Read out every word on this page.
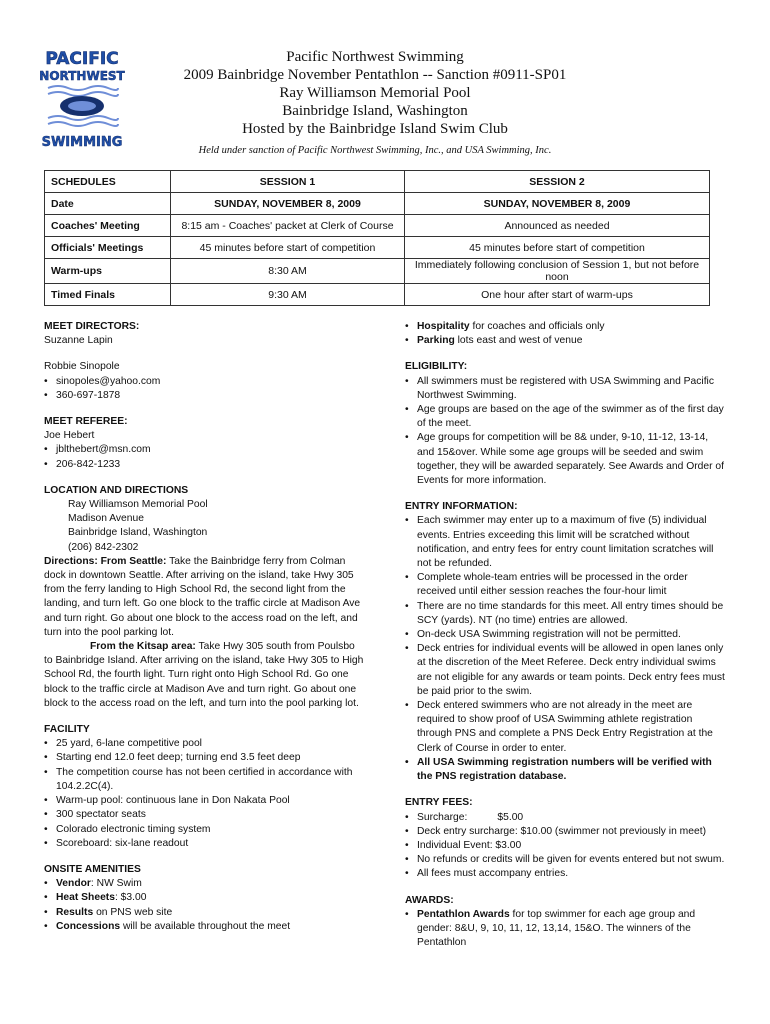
PACIFIC
NORTHWEST
SWIMMING
Pacific Northwest Swimming
2009 Bainbridge November Pentathlon -- Sanction #0911-SP01
Ray Williamson Memorial Pool
Bainbridge Island, Washington
Hosted by the Bainbridge Island Swim Club
Held under sanction of Pacific Northwest Swimming, Inc., and USA Swimming, Inc.
SCHEDULES	SESSION 1	SESSION 2
Date	SUNDAY, NOVEMBER 8, 2009	SUNDAY, NOVEMBER 8, 2009
Coaches' Meeting	8:15 am - Coaches' packet at Clerk of Course	Announced as needed
Officials' Meetings	45 minutes before start of competition	45 minutes before start of competition
Warm-ups	8:30 AM	Immediately following conclusion of Session 1, but not before noon
Timed Finals	9:30 AM	One hour after start of warm-ups
MEET DIRECTORS:
Suzanne Lapin
Robbie Sinopole
• sinopoles@yahoo.com
• 360-697-1878
MEET REFEREE:
Joe Hebert
• jblthebert@msn.com
• 206-842-1233
LOCATION AND DIRECTIONS
Ray Williamson Memorial Pool
Madison Avenue
Bainbridge Island, Washington
(206) 842-2302
Directions: From Seattle: Take the Bainbridge ferry from Colman dock in downtown Seattle. After arriving on the island, take Hwy 305 from the ferry landing to High School Rd, the second light from the landing, and turn left. Go one block to the traffic circle at Madison Ave and turn right. Go about one block to the access road on the left, and turn into the pool parking lot.
From the Kitsap area: Take Hwy 305 south from Poulsbo to Bainbridge Island. After arriving on the island, take Hwy 305 to High School Rd, the fourth light. Turn right onto High School Rd. Go one block to the traffic circle at Madison Ave and turn right. Go about one block to the access road on the left, and turn into the pool parking lot.
FACILITY
• 25 yard, 6-lane competitive pool
• Starting end 12.0 feet deep; turning end 3.5 feet deep
• The competition course has not been certified in accordance with 104.2.2C(4).
• Warm-up pool: continuous lane in Don Nakata Pool
• 300 spectator seats
• Colorado electronic timing system
• Scoreboard: six-lane readout
ONSITE AMENITIES
• Vendor: NW Swim
• Heat Sheets: $3.00
• Results on PNS web site
• Concessions will be available throughout the meet
• Hospitality for coaches and officials only
• Parking lots east and west of venue
ELIGIBILITY:
• All swimmers must be registered with USA Swimming and Pacific Northwest Swimming.
• Age groups are based on the age of the swimmer as of the first day of the meet.
• Age groups for competition will be 8& under, 9-10, 11-12, 13-14, and 15&over. While some age groups will be seeded and swim together, they will be awarded separately. See Awards and Order of Events for more information.
ENTRY INFORMATION:
• Each swimmer may enter up to a maximum of five (5) individual events. Entries exceeding this limit will be scratched without notification, and entry fees for entry count limitation scratches will not be refunded.
• Complete whole-team entries will be processed in the order received until either session reaches the four-hour limit
• There are no time standards for this meet. All entry times should be SCY (yards). NT (no time) entries are allowed.
• On-deck USA Swimming registration will not be permitted.
• Deck entries for individual events will be allowed in open lanes only at the discretion of the Meet Referee. Deck entry individual swims are not eligible for any awards or team points. Deck entry fees must be paid prior to the swim.
• Deck entered swimmers who are not already in the meet are required to show proof of USA Swimming athlete registration through PNS and complete a PNS Deck Entry Registration at the Clerk of Course in order to enter.
• All USA Swimming registration numbers will be verified with the PNS registration database.
ENTRY FEES:
• Surcharge:	$5.00
• Deck entry surcharge: $10.00 (swimmer not previously in meet)
• Individual Event: $3.00
• No refunds or credits will be given for events entered but not swum.
• All fees must accompany entries.
AWARDS:
• Pentathlon Awards for top swimmer for each age group and gender: 8&U, 9, 10, 11, 12, 13,14, 15&O. The winners of the Pentathlon
